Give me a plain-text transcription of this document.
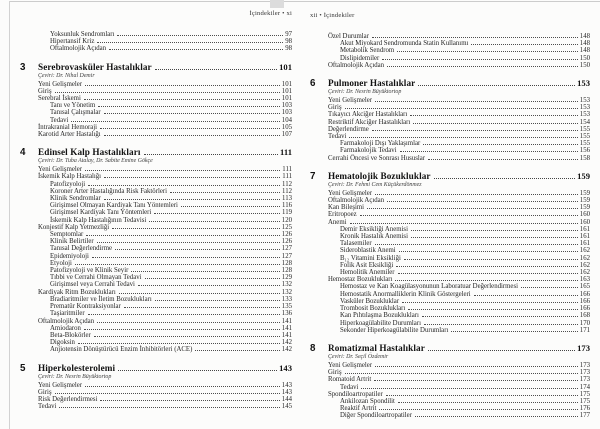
İçindekiler • xi
Yoksunluk Sendromları	97
Hipertansif Kriz	98
Oftalmolojik Açıdan	98
3	Serebrovasküler Hastalıklar	101
Çeviri: Dr. Nihal Demir
Yeni Gelişmeler	101
Giriş	101
Serebral İskemi	101
Tanı ve Yönetim	103
Tanısal Çalışmalar	103
Tedavi	104
İntrakranial Hemoraji	105
Karotid Arter Hastalığı	107
4	Edinsel Kalp Hastalıkları	111
Çeviri: Dr. Tuba Atalay, Dr. Sabite Emine Gökçe
Yeni Gelişmeler	111
İskemik Kalp Hastalığı	111
Patofizyoloji	112
Koroner Arter Hastalığında Risk Faktörleri	112
Klinik Sendromlar	113
Girişimsel Olmayan Kardiyak Tanı Yöntemleri	116
Girişimsel Kardiyak Tanı Yöntemleri	119
İskemik Kalp Hastalığının Tedavisi	120
Konjestif Kalp Yetmezliği	125
Semptomlar	126
Klinik Belirtiler	126
Tanısal Değerlendirme	127
Epidemiyoloji	127
Etyoloji	128
Patofizyoloji ve Klinik Seyir	128
Tıbbi ve Cerrahi Olmayan Tedavi	129
Girişimsel veya Cerrahi Tedavi	132
Kardiyak Ritm Bozuklukları	132
Bradiaritmiler ve İletim Bozuklukları	133
Prematür Kontraksiyonlar	135
Taşiaritmiler	136
Oftalmolojik Açıdan	141
Amiodaron	141
Beta-Blokörler	141
Digoksin	142
Anjiotensin Dönüştürücü Enzim İnhibitörleri (ACE)	142
5	Hiperkolesterolemi	143
Çeviri: Dr. Nesrin Büyüktortop
Yeni Gelişmeler	143
Giriş	143
Risk Değerlendirmesi	144
Tedavi	145
xii • İçindekiler
Özel Durumlar	148
Akut Miyokard Sendromunda Statin Kullanımı	148
Metabolik Sendrom	148
Dislipidemiler	150
Oftalmolojik Açıdan	150
6	Pulmoner Hastalıklar	153
Çeviri: Dr. Nesrin Büyüktortop
Yeni Gelişmeler	153
Giriş	153
Tıkayıcı Akciğer Hastalıkları	153
Restriktif Akciğer Hastalıkları	154
Değerlendirme	155
Tedavi	155
Farmakoloji Dışı Yaklaşımlar	155
Farmakolojik Tedavi	156
Cerrahi Öncesi ve Sonrası Hususlar	158
7	Hematolojik Bozukluklar	159
Çeviri: Dr. Fehmi Cem Küçükerdönmez
Yeni Gelişmeler	159
Oftalmolojik Açıdan	159
Kan Bileşimi	159
Eritropoez	160
Anemi	160
Demir Eksikliği Anemisi	161
Kronik Hastalık Anemisi	161
Talasemiler	161
Sideroblastik Anemi	162
B₁₂ Vitamini Eksikliği	162
Folik Asit Eksikliği	162
Hemolitik Anemiler	162
Hemostaz Bozuklukları	163
Hemostaz ve Kan Koagülasyonunun Laboratuar Değerlendirmesi	165
Hemostatik Anormalliklerin Klinik Göstergeleri	166
Vasküler Bozukluklar	166
Trombosit Bozuklukları	166
Kan Pıhtılaşma Bozuklukları	168
Hiperkoagülabilite Durumları	170
Sekonder Hiperkoagülabilite Durumları	171
8	Romatizmal Hastalıklar	173
Çeviri: Dr. Seçil Özdemir
Yeni Gelişmeler	173
Giriş	173
Romatoid Artrit	173
Tedavi	174
Spondiloartropatiler	175
Ankilozan Spondilit	175
Reaktif Artrit	176
Diğer Spondiloartropatiler	177
